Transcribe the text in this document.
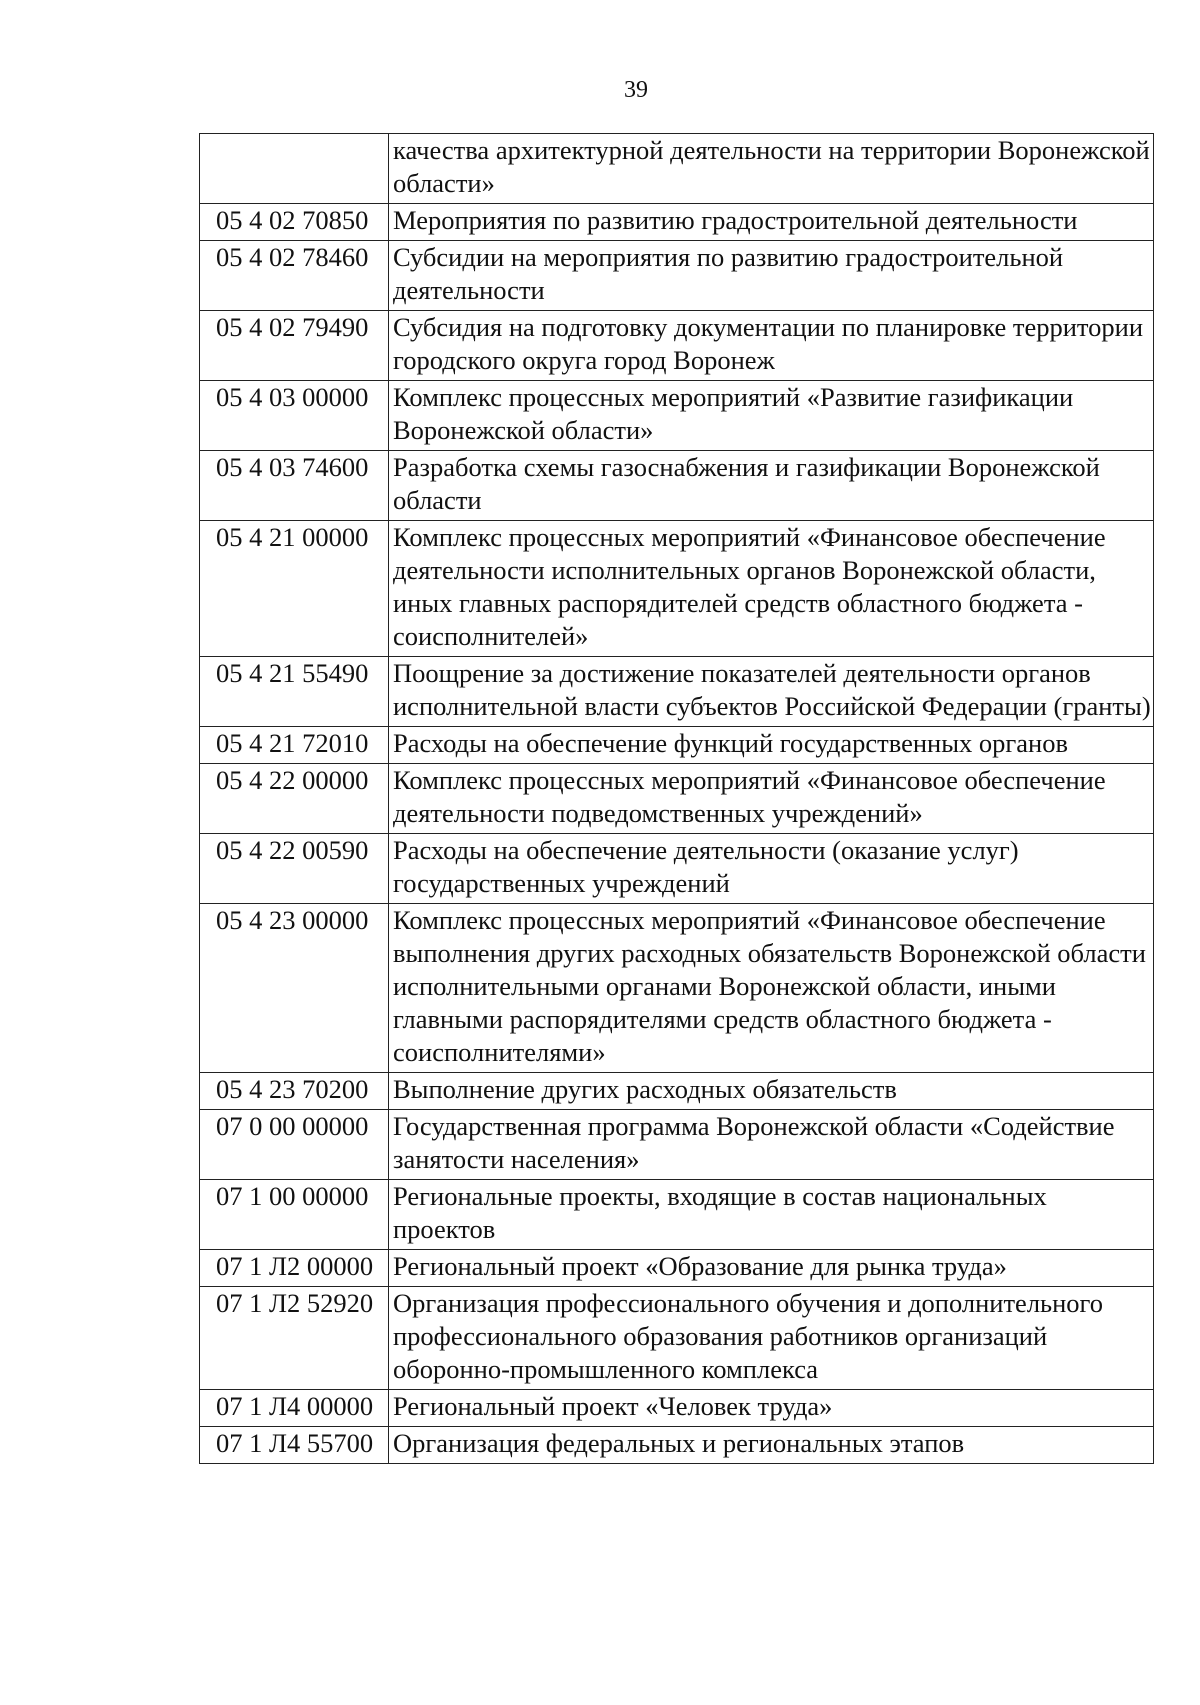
39
	качества архитектурной деятельности на территории Воронежской области»
05 4 02 70850	Мероприятия по развитию градостроительной деятельности
05 4 02 78460	Субсидии на мероприятия по развитию градостроительной деятельности
05 4 02 79490	Субсидия на подготовку документации по планировке территории городского округа город Воронеж
05 4 03 00000	Комплекс процессных мероприятий «Развитие газификации Воронежской области»
05 4 03 74600	Разработка схемы газоснабжения и газификации Воронежской области
05 4 21 00000	Комплекс процессных мероприятий «Финансовое обеспечение деятельности исполнительных органов Воронежской области, иных главных распорядителей средств областного бюджета - соисполнителей»
05 4 21 55490	Поощрение за достижение показателей деятельности органов исполнительной власти субъектов Российской Федерации (гранты)
05 4 21 72010	Расходы на обеспечение функций государственных органов
05 4 22 00000	Комплекс процессных мероприятий «Финансовое обеспечение деятельности подведомственных учреждений»
05 4 22 00590	Расходы на обеспечение деятельности (оказание услуг) государственных учреждений
05 4 23 00000	Комплекс процессных мероприятий «Финансовое обеспечение выполнения других расходных обязательств Воронежской области исполнительными органами Воронежской области, иными главными распорядителями средств областного бюджета - соисполнителями»
05 4 23 70200	Выполнение других расходных обязательств
07 0 00 00000	Государственная программа Воронежской области «Содействие занятости населения»
07 1 00 00000	Региональные проекты, входящие в состав национальных проектов
07 1 Л2 00000	Региональный проект «Образование для рынка труда»
07 1 Л2 52920	Организация профессионального обучения и дополнительного профессионального образования работников организаций оборонно-промышленного комплекса
07 1 Л4 00000	Региональный проект «Человек труда»
07 1 Л4 55700	Организация федеральных и региональных этапов
